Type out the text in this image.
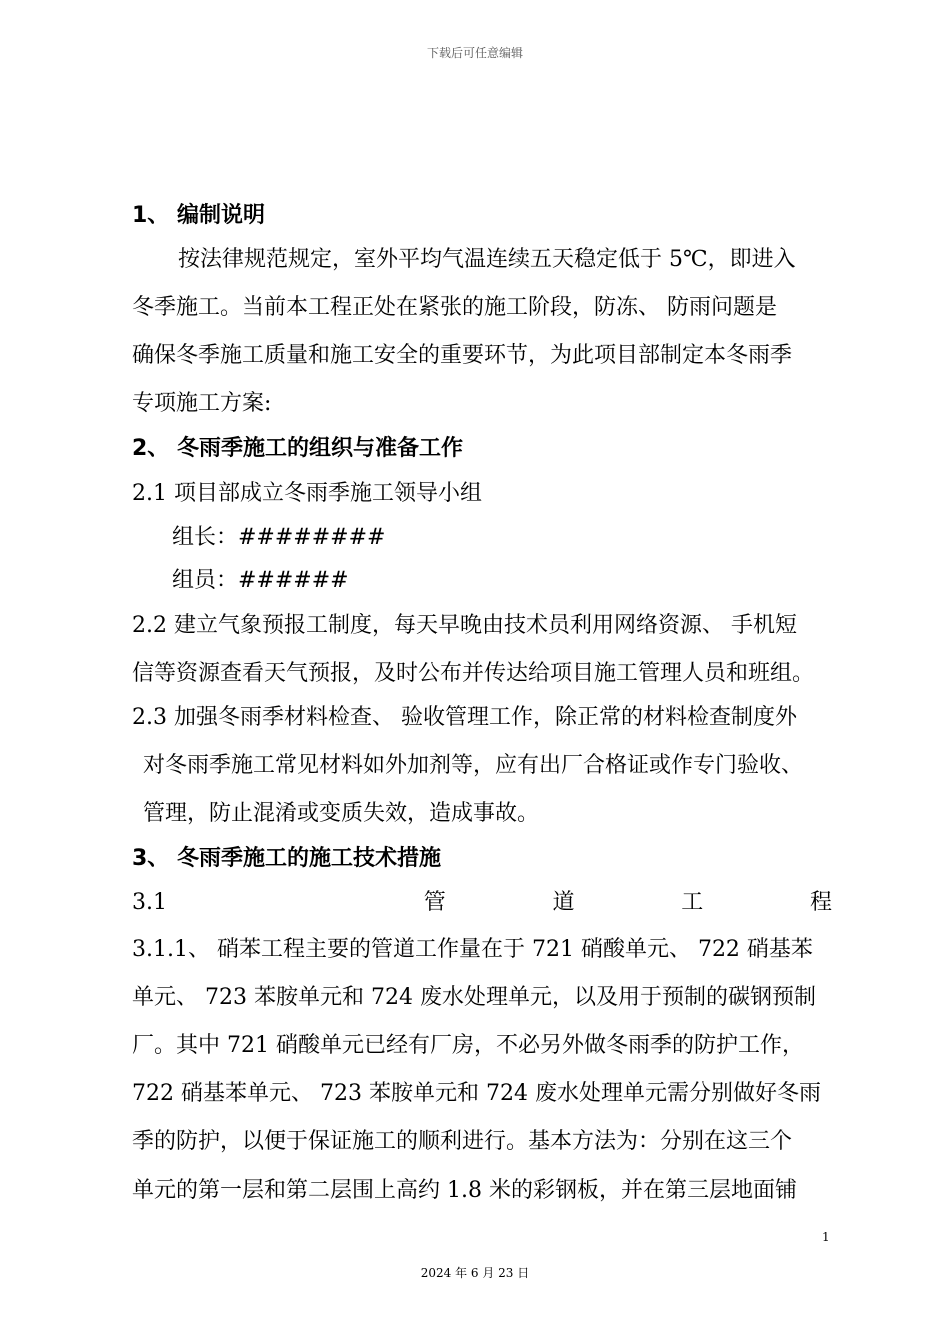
下载后可任意编辑
1、 编制说明
按法律规范规定，室外平均气温连续五天稳定低于 5℃，即进入
冬季施工。当前本工程正处在紧张的施工阶段，防冻、 防雨问题是
确保冬季施工质量和施工安全的重要环节，为此项目部制定本冬雨季
专项施工方案:
2、 冬雨季施工的组织与准备工作
2.1 项目部成立冬雨季施工领导小组
组长：########
组员：######
2.2 建立气象预报工制度，每天早晚由技术员利用网络资源、 手机短
信等资源查看天气预报，及时公布并传达给项目施工管理人员和班组。
2.3 加强冬雨季材料检查、 验收管理工作，除正常的材料检查制度外
对冬雨季施工常见材料如外加剂等，应有出厂合格证或作专门验收、
管理，防止混淆或变质失效，造成事故。
3、 冬雨季施工的施工技术措施
3.1	管	道	工	程
3.1.1、 硝苯工程主要的管道工作量在于 721 硝酸单元、 722 硝基苯
单元、 723 苯胺单元和 724 废水处理单元，以及用于预制的碳钢预制
厂。其中 721 硝酸单元已经有厂房，不必另外做冬雨季的防护工作，
722 硝基苯单元、 723 苯胺单元和 724 废水处理单元需分别做好冬雨
季的防护，以便于保证施工的顺利进行。基本方法为：分别在这三个
单元的第一层和第二层围上高约 1.8 米的彩钢板，并在第三层地面铺
1
2024 年 6 月 23 日
